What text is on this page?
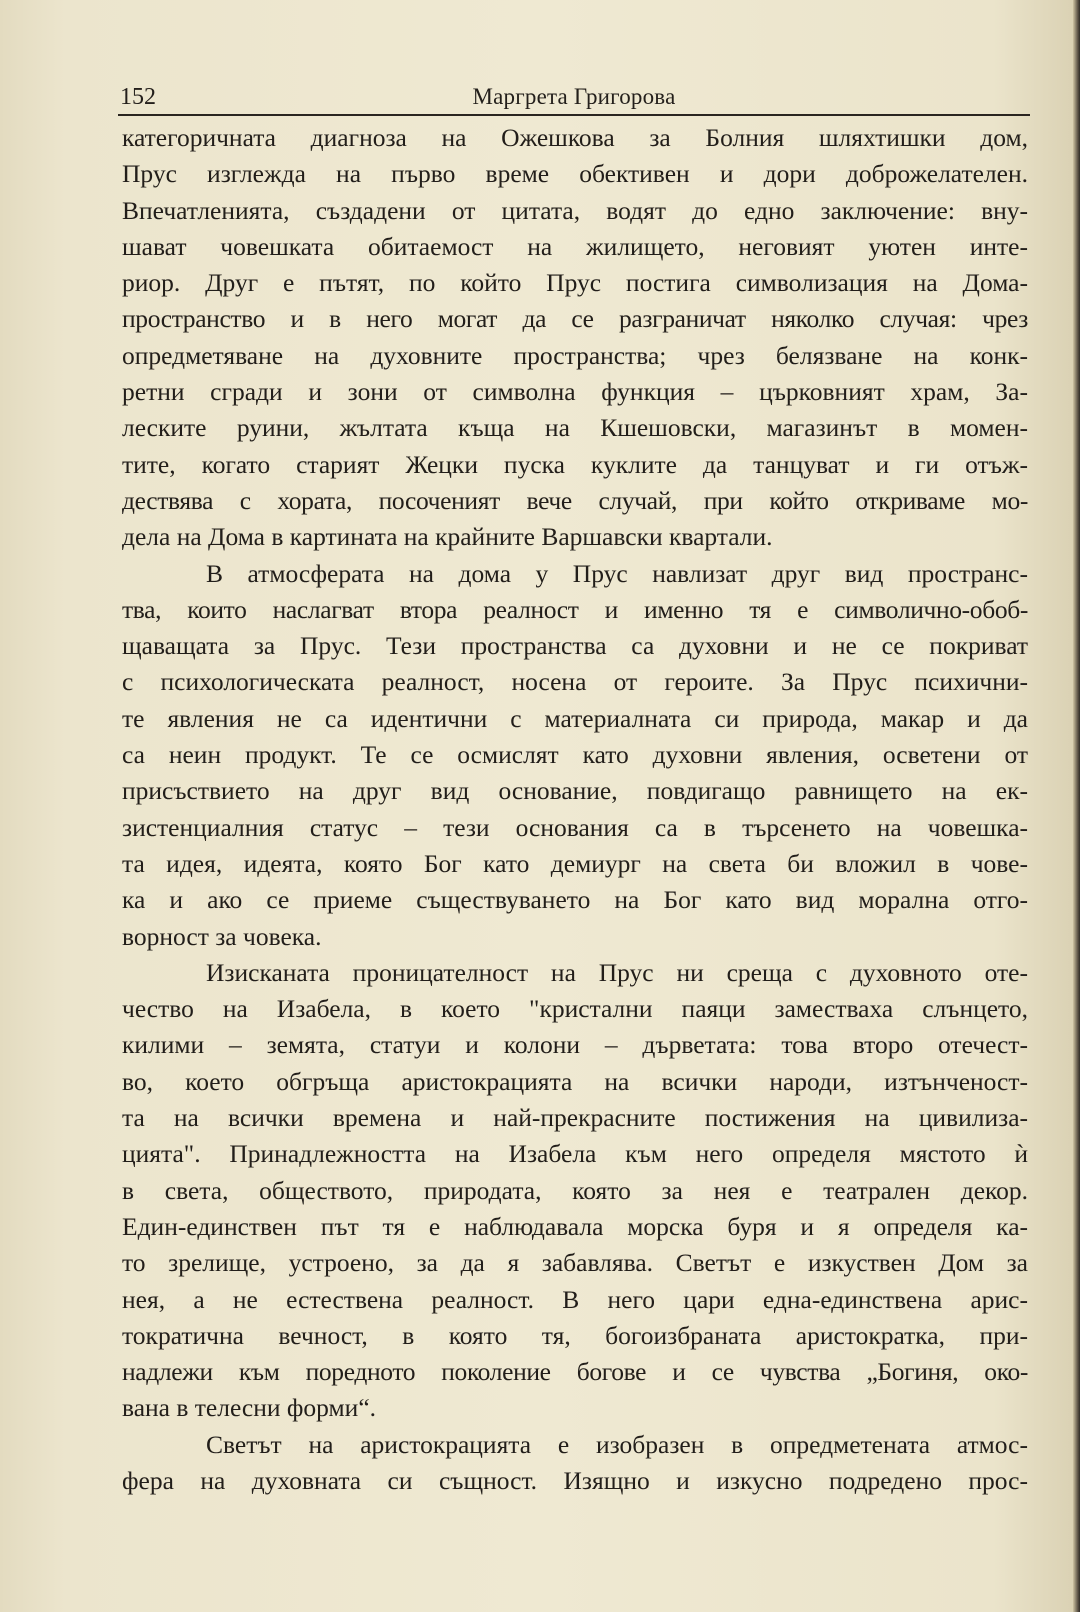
152	Маргрета Григорова

категоричната диагноза на Ожешкова за Болния шляхтишки дом,
Прус изглежда на първо време обективен и дори доброжелателен.
Впечатленията, създадени от цитата, водят до едно заключение: вну-
шават човешката обитаемост на жилището, неговият уютен инте-
риор. Друг е пътят, по който Прус постига символизация на Дома-
пространство и в него могат да се разграничат няколко случая: чрез
опредметяване на духовните пространства; чрез белязване на конк-
ретни сгради и зони от символна функция – църковният храм, За-
леските руини, жълтата къща на Кшешовски, магазинът в момен-
тите, когато старият Жецки пуска куклите да танцуват и ги отъж-
дествява с хората, посоченият вече случай, при който откриваме мо-
дела на Дома в картината на крайните Варшавски квартали.

В атмосферата на дома у Прус навлизат друг вид пространс-
тва, които наслагват втора реалност и именно тя е символично-обоб-
щаващата за Прус. Тези пространства са духовни и не се покриват
с психологическата реалност, носена от героите. За Прус психични-
те явления не са идентични с материалната си природа, макар и да
са неин продукт. Те се осмислят като духовни явления, осветени от
присъствието на друг вид основание, повдигащо равнището на ек-
зистенциалния статус – тези основания са в търсенето на човешка-
та идея, идеята, която Бог като демиург на света би вложил в чове-
ка и ако се приеме съществуването на Бог като вид морална отго-
ворност за човека.

Изисканата проницателност на Прус ни среща с духовното оте-
чество на Изабела, в което "кристални паяци заместваха слънцето,
килими – земята, статуи и колони – дърветата: това второ отечест-
во, което обгръща аристокрацията на всички народи, изтънченост-
та на всички времена и най-прекрасните постижения на цивилиза-
цията". Принадлежността на Изабела към него определя мястото ѝ
в света, обществото, природата, която за нея е театрален декор.
Един-единствен път тя е наблюдавала морска буря и я определя ка-
то зрелище, устроено, за да я забавлява. Светът е изкуствен Дом за
нея, а не естествена реалност. В него цари една-единствена арис-
тократична вечност, в която тя, богоизбраната аристократка, при-
надлежи към поредното поколение богове и се чувства „Богиня, око-
вана в телесни форми“.

Светът на аристокрацията е изобразен в опредметената атмос-
фера на духовната си същност. Изящно и изкусно подредено прос-
